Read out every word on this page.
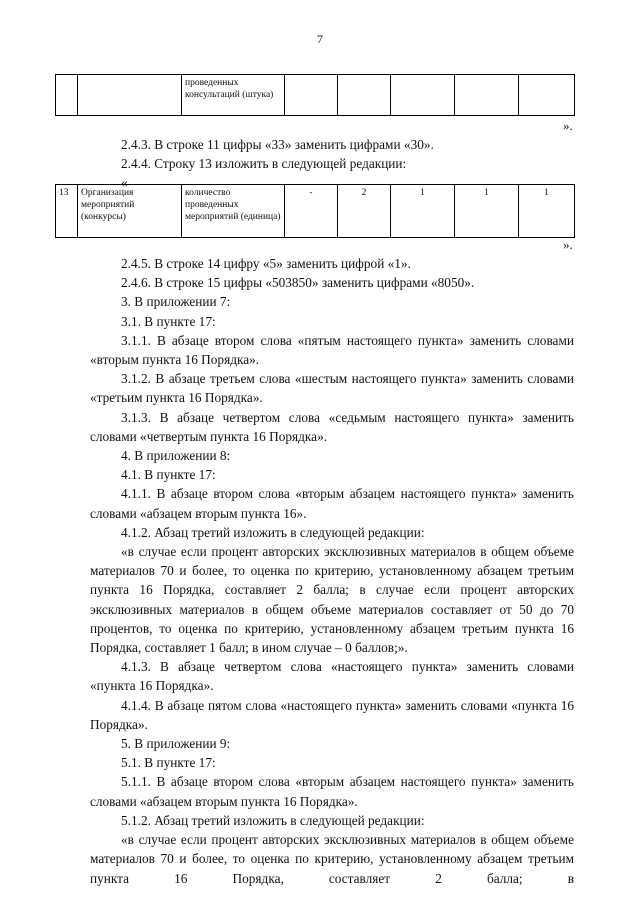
7
		проведенных консультаций (штука)					
».

2.4.3. В строке 11 цифры «33» заменить цифрами «30».

2.4.4. Строку 13 изложить в следующей редакции:

«

13	Организация мероприятий (конкурсы)	количество проведенных мероприятий (единица)	-	2	1	1	1
».

2.4.5. В строке 14 цифру «5» заменить цифрой «1».

2.4.6. В строке 15 цифры «503850» заменить цифрами «8050».

3. В приложении 7:

3.1. В пункте 17:

3.1.1. В абзаце втором слова «пятым настоящего пункта» заменить словами «вторым пункта 16 Порядка».

3.1.2. В абзаце третьем слова «шестым настоящего пункта» заменить словами «третьим пункта 16 Порядка».

3.1.3. В абзаце четвертом слова «седьмым настоящего пункта» заменить словами «четвертым пункта 16 Порядка».

4. В приложении 8:

4.1. В пункте 17:

4.1.1. В абзаце втором слова «вторым абзацем настоящего пункта» заменить словами «абзацем вторым пункта 16».

4.1.2. Абзац третий изложить в следующей редакции:

«в случае если процент авторских эксклюзивных материалов в общем объеме материалов 70 и более, то оценка по критерию, установленному абзацем третьим пункта 16 Порядка, составляет 2 балла; в случае если процент авторских эксклюзивных материалов в общем объеме материалов составляет от 50 до 70 процентов, то оценка по критерию, установленному абзацем третьим пункта 16 Порядка, составляет 1 балл; в ином случае – 0 баллов;».

4.1.3. В абзаце четвертом слова «настоящего пункта» заменить словами «пункта 16 Порядка».

4.1.4. В абзаце пятом слова «настоящего пункта» заменить словами «пункта 16 Порядка».

5. В приложении 9:

5.1. В пункте 17:

5.1.1. В абзаце втором слова «вторым абзацем настоящего пункта» заменить словами «абзацем вторым пункта 16 Порядка».

5.1.2. Абзац третий изложить в следующей редакции:

«в случае если процент авторских эксклюзивных материалов в общем объеме материалов 70 и более, то оценка по критерию, установленному абзацем третьим пункта 16 Порядка, составляет 2 балла; в
